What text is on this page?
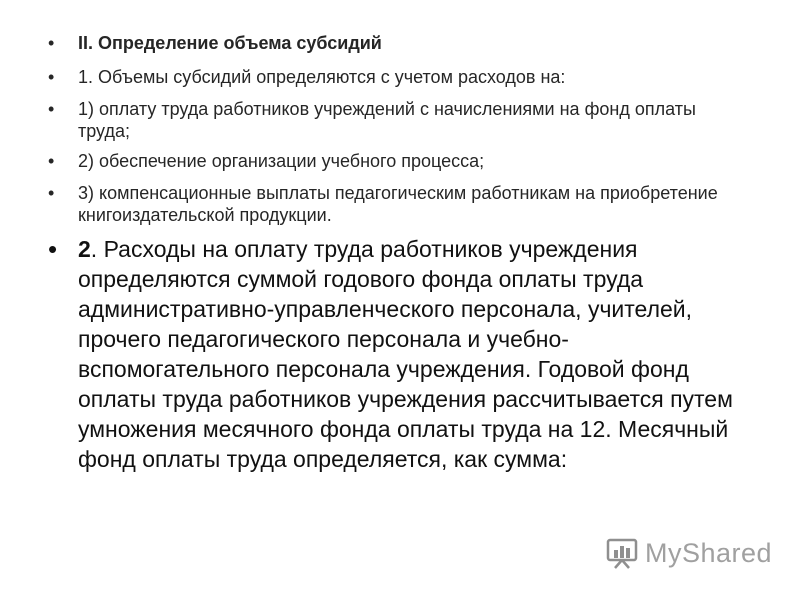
• II. Определение объема субсидий
• 1. Объемы субсидий определяются с учетом расходов на:
• 1) оплату труда работников учреждений с начислениями на фонд оплаты труда;
• 2) обеспечение организации учебного процесса;
• 3) компенсационные выплаты педагогическим работникам на приобретение книгоиздательской продукции.
• 2. Расходы на оплату труда работников учреждения определяются суммой годового фонда оплаты труда административно-управленческого персонала, учителей, прочего педагогического персонала и учебно-вспомогательного персонала учреждения. Годовой фонд оплаты труда работников учреждения рассчитывается путем умножения месячного фонда оплаты труда на 12. Месячный фонд оплаты труда определяется, как сумма:
MyShared
